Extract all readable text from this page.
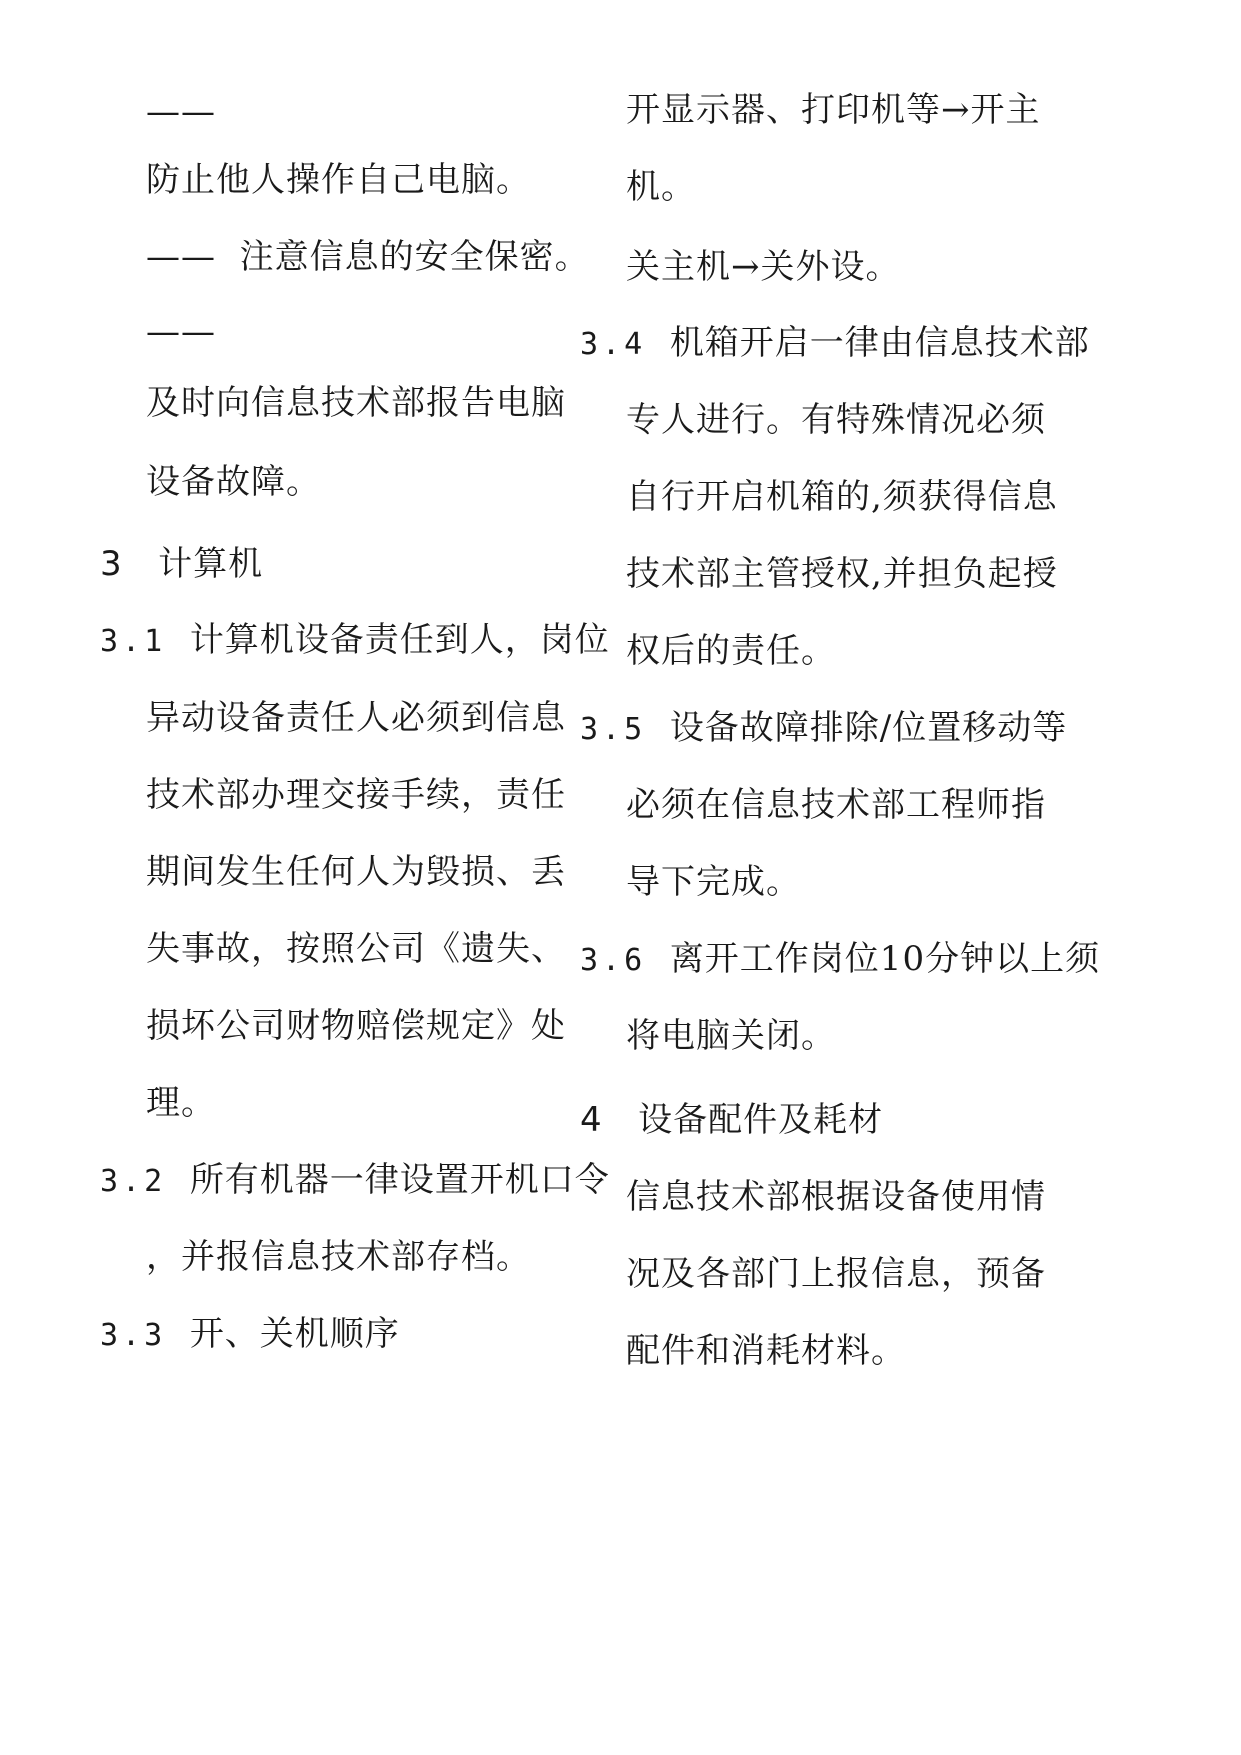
——
防止他人操作自己电脑。
—— 注意信息的安全保密。
——
及时向信息技术部报告电脑
设备故障。
3 计算机
3.1 计算机设备责任到人，岗位
异动设备责任人必须到信息
技术部办理交接手续，责任
期间发生任何人为毁损、丢
失事故，按照公司《遗失、
损坏公司财物赔偿规定》处
理。
3.2 所有机器一律设置开机口令
，并报信息技术部存档。
3.3 开、关机顺序
开显示器、打印机等→开主
机。
关主机→关外设。
3.4 机箱开启一律由信息技术部
专人进行。有特殊情况必须
自行开启机箱的,须获得信息
技术部主管授权,并担负起授
权后的责任。
3.5 设备故障排除/位置移动等
必须在信息技术部工程师指
导下完成。
3.6 离开工作岗位10分钟以上须
将电脑关闭。
4 设备配件及耗材
信息技术部根据设备使用情
况及各部门上报信息，预备
配件和消耗材料。
